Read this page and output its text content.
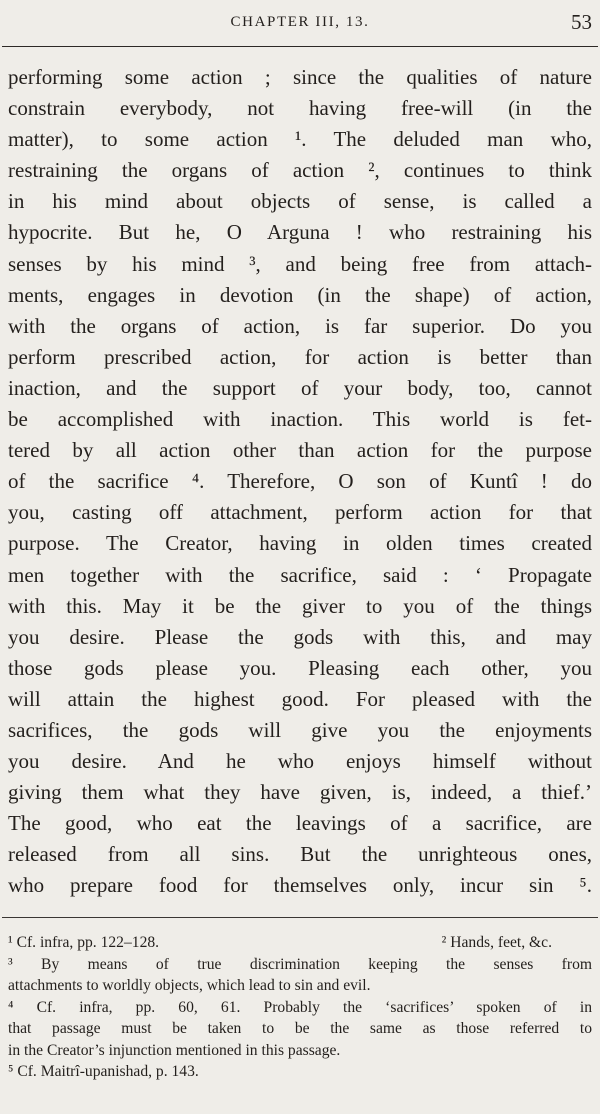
CHAPTER III, 13.	53
performing some action ; since the qualities of nature
constrain everybody, not having free-will (in the
matter), to some action ¹. The deluded man who,
restraining the organs of action ², continues to think
in his mind about objects of sense, is called a
hypocrite. But he, O Arguna ! who restraining his
senses by his mind ³, and being free from attach-
ments, engages in devotion (in the shape) of action,
with the organs of action, is far superior. Do you
perform prescribed action, for action is better than
inaction, and the support of your body, too, cannot
be accomplished with inaction. This world is fet-
tered by all action other than action for the purpose
of the sacrifice ⁴. Therefore, O son of Kuntî ! do
you, casting off attachment, perform action for that
purpose. The Creator, having in olden times created
men together with the sacrifice, said : ‘ Propagate
with this. May it be the giver to you of the things
you desire. Please the gods with this, and may
those gods please you. Pleasing each other, you
will attain the highest good. For pleased with the
sacrifices, the gods will give you the enjoyments
you desire. And he who enjoys himself without
giving them what they have given, is, indeed, a thief.’
The good, who eat the leavings of a sacrifice, are
released from all sins. But the unrighteous ones,
who prepare food for themselves only, incur sin ⁵.
¹ Cf. infra, pp. 122–128.	² Hands, feet, &c.
³ By means of true discrimination keeping the senses from
attachments to worldly objects, which lead to sin and evil.
⁴ Cf. infra, pp. 60, 61. Probably the ‘sacrifices’ spoken of in
that passage must be taken to be the same as those referred to
in the Creator’s injunction mentioned in this passage.
⁵ Cf. Maitrî-upanishad, p. 143.
